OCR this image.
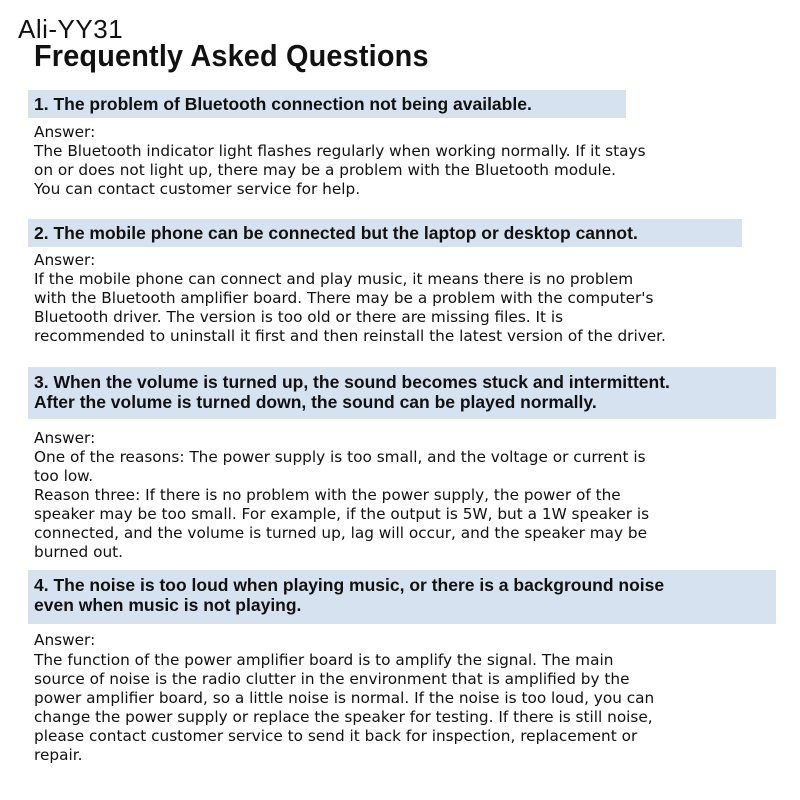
Ali-YY31
Frequently Asked Questions
1. The problem of Bluetooth connection not being available.
Answer:
The Bluetooth indicator light flashes regularly when working normally. If it stays
on or does not light up, there may be a problem with the Bluetooth module.
You can contact customer service for help.
2. The mobile phone can be connected but the laptop or desktop cannot.
Answer:
If the mobile phone can connect and play music, it means there is no problem
with the Bluetooth amplifier board. There may be a problem with the computer's
Bluetooth driver. The version is too old or there are missing files. It is
recommended to uninstall it first and then reinstall the latest version of the driver.
3. When the volume is turned up, the sound becomes stuck and intermittent.
After the volume is turned down, the sound can be played normally.
Answer:
One of the reasons: The power supply is too small, and the voltage or current is
too low.
Reason three: If there is no problem with the power supply, the power of the
speaker may be too small. For example, if the output is 5W, but a 1W speaker is
connected, and the volume is turned up, lag will occur, and the speaker may be
burned out.
4. The noise is too loud when playing music, or there is a background noise
even when music is not playing.
Answer:
The function of the power amplifier board is to amplify the signal. The main
source of noise is the radio clutter in the environment that is amplified by the
power amplifier board, so a little noise is normal. If the noise is too loud, you can
change the power supply or replace the speaker for testing. If there is still noise,
please contact customer service to send it back for inspection, replacement or
repair.
